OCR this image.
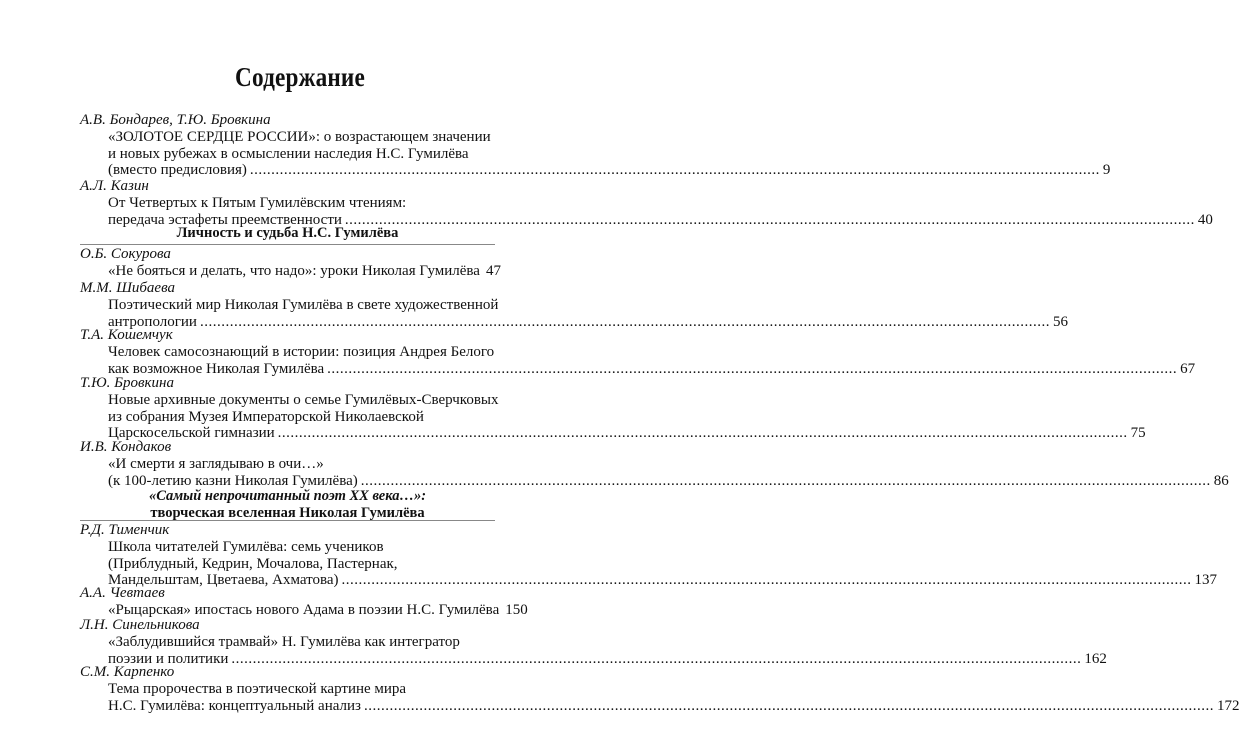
Содержание
А.В. Бондарев, Т.Ю. Бровкина
«ЗОЛОТОЕ СЕРДЦЕ РОССИИ»: о возрастающем значении
и новых рубежах в осмыслении наследия Н.С. Гумилёва
(вместо предисловия) .....	9
А.Л. Казин
От Четвертых к Пятым Гумилёвским чтениям:
передача эстафеты преемственности .....	40
Личность и судьба Н.С. Гумилёва
О.Б. Сокурова
«Не бояться и делать, что надо»: уроки Николая Гумилёва 47
М.М. Шибаева
Поэтический мир Николая Гумилёва в свете художественной
антропологии .....	56
Т.А. Кошемчук
Человек самосознающий в истории: позиция Андрея Белого
как возможное Николая Гумилёва .....	67
Т.Ю. Бровкина
Новые архивные документы о семье Гумилёвых-Сверчковых
из собрания Музея Императорской Николаевской
Царскосельской гимназии .....	75
И.В. Кондаков
«И смерти я заглядываю в очи…»
(к 100-летию казни Николая Гумилёва) .....	86
«Самый непрочитанный поэт XX века…»:
творческая вселенная Николая Гумилёва
Р.Д. Тименчик
Школа читателей Гумилёва: семь учеников
(Приблудный, Кедрин, Мочалова, Пастернак,
Мандельштам, Цветаева, Ахматова) .....	137
А.А. Чевтаев
«Рыцарская» ипостась нового Адама в поэзии Н.С. Гумилёва 150
Л.Н. Синельникова
«Заблудившийся трамвай» Н. Гумилёва как интегратор
поэзии и политики .....	162
С.М. Карпенко
Тема пророчества в поэтической картине мира
Н.С. Гумилёва: концептуальный анализ .....	172
